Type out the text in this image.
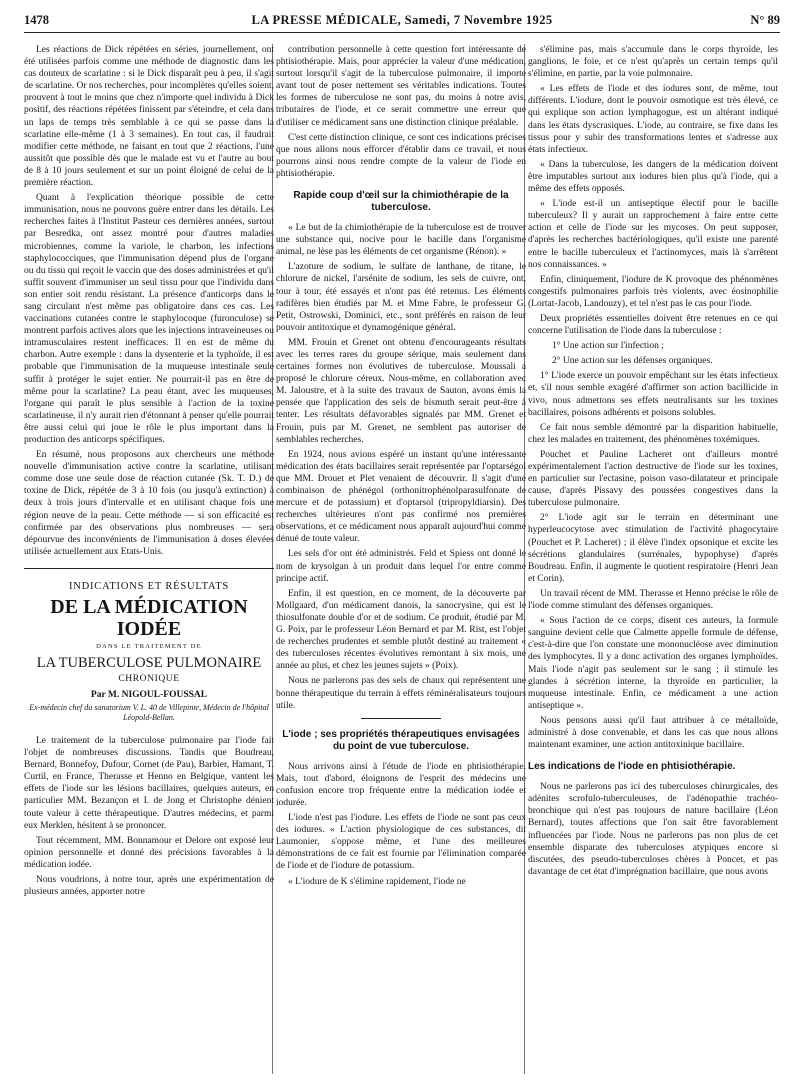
1478	LA PRESSE MÉDICALE, Samedi, 7 Novembre 1925	N° 89

Les réactions de Dick répétées en séries, journellement, ont été utilisées parfois comme une méthode de diagnostic dans les cas douteux de scarlatine : si le Dick disparaît peu à peu, il s'agit de scarlatine. Or nos recherches, pour incomplètes qu'elles soient, prouvent à tout le moins que chez n'importe quel individu à Dick positif, des réactions répétées finissent par s'éteindre, et cela dans un laps de temps très semblable à ce qui se passe dans la scarlatine elle-même (1 à 3 semaines). En tout cas, il faudrait modifier cette méthode, ne faisant en tout que 2 réactions, l'une aussitôt que possible dès que le malade est vu et l'autre au bout de 8 à 10 jours seulement et sur un point éloigné de celui de la première réaction.

Quant à l'explication théorique possible de cette immunisation, nous ne pouvons guère entrer dans les détails. Les recherches faites à l'Institut Pasteur ces dernières années, surtout par Besredka, ont assez montré pour d'autres maladies microbiennes, comme la variole, le charbon, les infections staphylococciques, que l'immunisation dépend plus de l'organe ou du tissu qui reçoit le vaccin que des doses administrées et qu'il suffit souvent d'immuniser un seul tissu pour que l'individu dans son entier soit rendu résistant. La présence d'anticorps dans le sang circulant n'est même pas obligatoire dans ces cas. Les vaccinations cutanées contre le staphylocoque (furonculose) se montrent parfois actives alors que les injections intraveineuses ou intramusculaires restent inefficaces. Il en est de même du charbon. Autre exemple : dans la dysenterie et la typhoïde, il est probable que l'immunisation de la muqueuse intestinale seule suffit à protéger le sujet entier. Ne pourrait-il pas en être de même pour la scarlatine? La peau étant, avec les muqueuses, l'organe qui paraît le plus sensible à l'action de la toxine scarlatineuse, il n'y aurait rien d'étonnant à penser qu'elle pourrait être aussi celui qui joue le rôle le plus important dans la production des anticorps spécifiques.

En résumé, nous proposons aux chercheurs une méthode nouvelle d'immunisation active contre la scarlatine, utilisant comme dose une seule dose de réaction cutanée (Sk. T. D.) de toxine de Dick, répétée de 3 à 10 fois (ou jusqu'à extinction) à deux à trois jours d'intervalle et en utilisant chaque fois une région neuve de la peau. Cette méthode — si son efficacité est confirmée par des observations plus nombreuses — sera dépourvue des inconvénients de l'immunisation à doses élevées utilisée actuellement aux Etats-Unis.

INDICATIONS ET RÉSULTATS
DE LA MÉDICATION IODÉE
DANS LE TRAITEMENT DE
LA TUBERCULOSE PULMONAIRE
CHRONIQUE
Par M. NIGOUL-FOUSSAL
Ex-médecin chef du sanatorium V. L. 40 de Villepinte, Médecin de l'hôpital Léopold-Bellan.

Le traitement de la tuberculose pulmonaire par l'iode fait l'objet de nombreuses discussions. Tandis que Boudreau, Bernard, Bonnefoy, Dufour, Cornet (de Pau), Barbier, Hamant, T. Curtil, en France, Therasse et Henno en Belgique, vantent les effets de l'iode sur les lésions bacillaires, quelques auteurs, en particulier MM. Bezançon et I. de Jong et Christophe dénient toute valeur à cette thérapeutique. D'autres médecins, et parmi eux Merklen, hésitent à se prononcer.

Tout récemment, MM. Bonnamour et Delore ont exposé leur opinion personnelle et donné des précisions favorables à la médication iodée.

Nous voudrions, à notre tour, après une expérimentation de plusieurs années, apporter notre

contribution personnelle à cette question fort intéressante de phtisiothérapie. Mais, pour apprécier la valeur d'une médication, surtout lorsqu'il s'agit de la tuberculose pulmonaire, il importe avant tout de poser nettement ses véritables indications. Toutes les formes de tuberculose ne sont pas, du moins à notre avis, tributaires de l'iode, et ce serait commettre une erreur que d'utiliser ce médicament sans une distinction clinique préalable.

C'est cette distinction clinique, ce sont ces indications précises que nous allons nous efforcer d'établir dans ce travail, et nous pourrons ainsi nous rendre compte de la valeur de l'iode en phtisiothérapie.

Rapide coup d'œil sur la chimiothérapie de la tuberculose.

« Le but de la chimiothérapie de la tuberculose est de trouver une substance qui, nocive pour le bacille dans l'organisme animal, ne lèse pas les éléments de cet organisme (Rénon). »

L'azoture de sodium, le sulfate de lanthane, de titane, le chlorure de nickel, l'arsénite de sodium, les sels de cuivre, ont, tour à tour, été essayés et n'ont pas été retenus. Les éléments radifères bien étudiés par M. et Mme Fabre, le professeur G. Petit, Ostrowski, Dominici, etc., sont préférés en raison de leur pouvoir antitoxique et dynamogénique général.

MM. Frouin et Grenet ont obtenu d'encourageants résultats avec les terres rares du groupe sérique, mais seulement dans certaines formes non évolutives de tuberculose. Moussali a proposé le chlorure céreux. Nous-même, en collaboration avec M. Jaloustre, et à la suite des travaux de Sauton, avons émis la pensée que l'application des sels de bismuth serait peut-être à tenter. Les résultats défavorables signalés par MM. Grenet et Frouin, puis par M. Grenet, ne semblent pas autoriser de semblables recherches.

En 1924, nous avions espéré un instant qu'une intéressante médication des états bacillaires serait représentée par l'optarségol que MM. Drouet et Plet venaient de découvrir. Il s'agit d'une combinaison de phénégol (orthonitrophénolparasulfonate de mercure et de potassium) et d'optarsol (tripropyldiarsin). Des recherches ultérieures n'ont pas confirmé nos premières observations, et ce médicament nous apparaît aujourd'hui comme dénué de toute valeur.

Les sels d'or ont été administrés. Feld et Spiess ont donné le nom de krysolgan à un produit dans lequel l'or entre comme principe actif.

Enfin, il est question, en ce moment, de la découverte par Mollgaard, d'un médicament danois, la sanocrysine, qui est le thiosulfonate double d'or et de sodium. Ce produit, étudié par M. G. Poix, par le professeur Léon Bernard et par M. Rist, est l'objet de recherches prudentes et semble plutôt destiné au traitement « des tuberculoses récentes évolutives remontant à six mois, une année au plus, et chez les jeunes sujets » (Poix).

Nous ne parlerons pas des sels de chaux qui représentent une bonne thérapeutique du terrain à effets réminéralisateurs toujours utile.

L'iode ; ses propriétés thérapeutiques envisagées du point de vue tuberculose.

Nous arrivons ainsi à l'étude de l'iode en phtisiothérapie. Mais, tout d'abord, éloignons de l'esprit des médecins une confusion encore trop fréquente entre la médication iodée et iodurée.

L'iode n'est pas l'iodure. Les effets de l'iode ne sont pas ceux des iodures. « L'action physiologique de ces substances, dit Laumonier, s'oppose même, et l'une des meilleures démonstrations de ce fait est fournie par l'élimination comparée de l'iode et de l'iodure de potassium.

« L'iodure de K s'élimine rapidement, l'iode ne

s'élimine pas, mais s'accumule dans le corps thyroïde, les ganglions, le foie, et ce n'est qu'après un certain temps qu'il s'élimine, en partie, par la voie pulmonaire.

« Les effets de l'iode et des iodures sont, de même, tout différents. L'iodure, dont le pouvoir osmotique est très élevé, ce qui explique son action lymphagogue, est un altérant indiqué dans les états dyscrasiques. L'iode, au contraire, se fixe dans les tissus pour y subir des transformations lentes et s'adresse aux états infectieux.

« Dans la tuberculose, les dangers de la médication doivent être imputables surtout aux iodures bien plus qu'à l'iode, qui a même des effets opposés.

« L'iode est-il un antiseptique électif pour le bacille tuberculeux? Il y aurait un rapprochement à faire entre cette action et celle de l'iode sur les mycoses. On peut supposer, d'après les recherches bactériologiques, qu'il existe une parenté entre le bacille tuberculeux et l'actinomyces, mais là s'arrêtent nos connaissances. »

Enfin, cliniquement, l'iodure de K provoque des phénomènes congestifs pulmonaires parfois très violents, avec éosinophilie (Lortat-Jacob, Landouzy), et tel n'est pas le cas pour l'iode.

Deux propriétés essentielles doivent être retenues en ce qui concerne l'utilisation de l'iode dans la tuberculose :

1° Une action sur l'infection ;

2° Une action sur les défenses organiques.

1° L'iode exerce un pouvoir empêchant sur les états infectieux et, s'il nous semble exagéré d'affirmer son action bacillicide in vivo, nous admettons ses effets neutralisants sur les toxines bacillaires, poisons adhérents et poisons solubles.

Ce fait nous semble démontré par la disparition habituelle, chez les malades en traitement, des phénomènes toxémiques.

Pouchet et Pauline Lacheret ont d'ailleurs montré expérimentalement l'action destructive de l'iode sur les toxines, en particulier sur l'ectasine, poison vaso-dilatateur et principale cause, d'après Pissavy des poussées congestives dans la tuberculose pulmonaire.

2° L'iode agit sur le terrain en déterminant une hyperleucocytose avec stimulation de l'activité phagocytaire (Pouchet et P. Lacheret) ; il élève l'index opsonique et excite les sécrétions glandulaires (surrénales, hypophyse) d'après Boudreau. Enfin, il augmente le quotient respiratoire (Henri Jean et Corin).

Un travail récent de MM. Therasse et Henno précise le rôle de l'iode comme stimulant des défenses organiques.

« Sous l'action de ce corps, disent ces auteurs, la formule sanguine devient celle que Calmette appelle formule de défense, c'est-à-dire que l'on constate une mononucléose avec diminution des lymphocytes. Il y a donc activation des organes lymphoïdes. Mais l'iode n'agit pas seulement sur le sang ; il stimule les glandes à sécrétion interne, la thyroïde en particulier, la muqueuse intestinale. Enfin, ce médicament a une action antiseptique ».

Nous pensons aussi qu'il faut attribuer à ce métalloïde, administré à dose convenable, et dans les cas que nous allons maintenant examiner, une action antitoxinique bacillaire.

Les indications de l'iode en phtisiothérapie.

Nous ne parlerons pas ici des tuberculoses chirurgicales, des adénites scrofulo-tuberculeuses, de l'adénopathie trachéo-bronchique qui n'est pas toujours de nature bacillaire (Léon Bernard), toutes affections que l'on sait être favorablement influencées par l'iode. Nous ne parlerons pas non plus de cet ensemble disparate des tuberculoses atypiques encore si discutées, des pseudo-tuberculoses chères à Poncet, et pas davantage de cet état d'imprégnation bacillaire, que nous avons
